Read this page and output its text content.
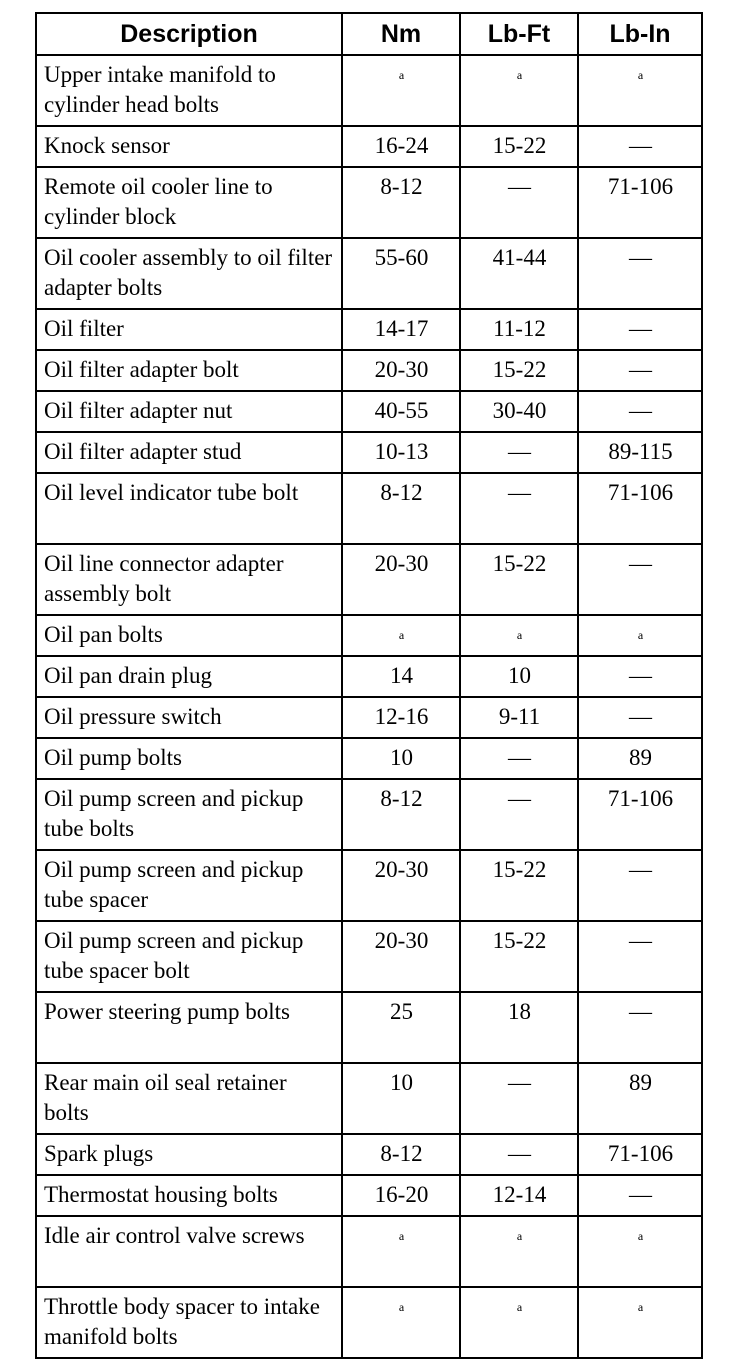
Description	Nm	Lb-Ft	Lb-In
Upper intake manifold to cylinder head bolts	a	a	a
Knock sensor	16-24	15-22	—
Remote oil cooler line to cylinder block	8-12	—	71-106
Oil cooler assembly to oil filter adapter bolts	55-60	41-44	—
Oil filter	14-17	11-12	—
Oil filter adapter bolt	20-30	15-22	—
Oil filter adapter nut	40-55	30-40	—
Oil filter adapter stud	10-13	—	89-115
Oil level indicator tube bolt	8-12	—	71-106
Oil line connector adapter assembly bolt	20-30	15-22	—
Oil pan bolts	a	a	a
Oil pan drain plug	14	10	—
Oil pressure switch	12-16	9-11	—
Oil pump bolts	10	—	89
Oil pump screen and pickup tube bolts	8-12	—	71-106
Oil pump screen and pickup tube spacer	20-30	15-22	—
Oil pump screen and pickup tube spacer bolt	20-30	15-22	—
Power steering pump bolts	25	18	—
Rear main oil seal retainer bolts	10	—	89
Spark plugs	8-12	—	71-106
Thermostat housing bolts	16-20	12-14	—
Idle air control valve screws	a	a	a
Throttle body spacer to intake manifold bolts	a	a	a
